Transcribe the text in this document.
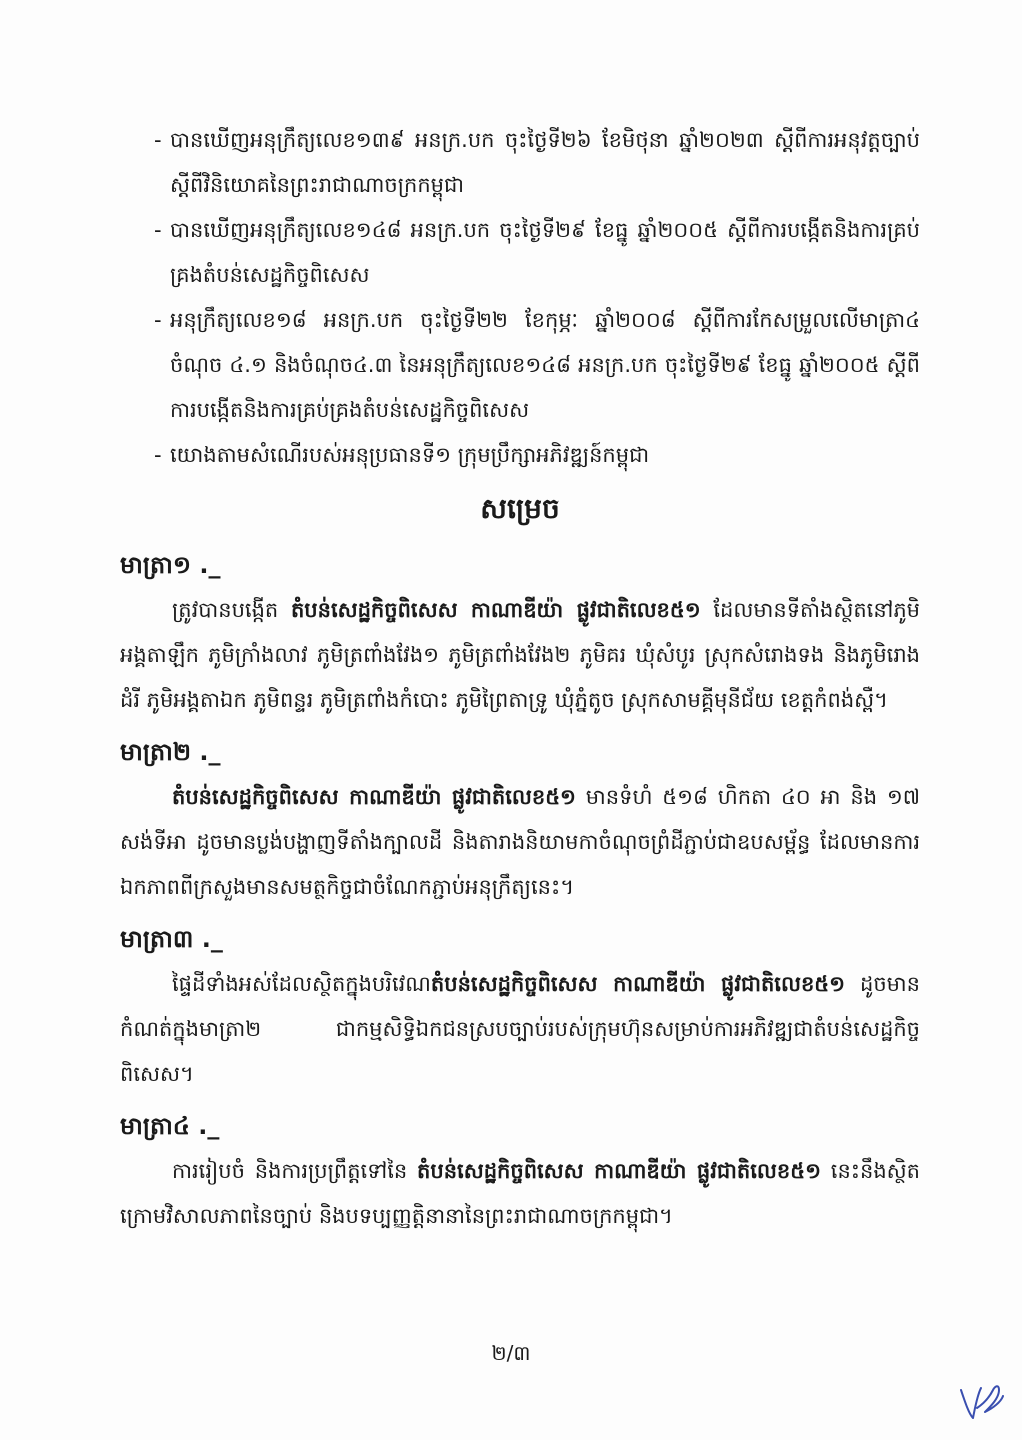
- បានឃើញអនុក្រឹត្យលេខ១៣៩ អនក្រ.បក ចុះថ្ងៃទី២៦ ខែមិថុនា ឆ្នាំ២០២៣ ស្ដីពីការអនុវត្តច្បាប់ស្ដីពីវិនិយោគនៃព្រះរាជាណាចក្រកម្ពុជា
- បានឃើញអនុក្រឹត្យលេខ១៤៨ អនក្រ.បក ចុះថ្ងៃទី២៩ ខែធ្នូ ឆ្នាំ២០០៥ ស្ដីពីការបង្កើតនិងការគ្រប់គ្រងតំបន់សេដ្ឋកិច្ចពិសេស
- អនុក្រឹត្យលេខ១៨ អនក្រ.បក ចុះថ្ងៃទី២២ ខែកុម្ភៈ ឆ្នាំ២០០៨ ស្ដីពីការកែសម្រួលលើមាត្រា៤ ចំណុច ៤.១ និងចំណុច៤.៣ នៃអនុក្រឹត្យលេខ១៤៨ អនក្រ.បក ចុះថ្ងៃទី២៩ ខែធ្នូ ឆ្នាំ២០០៥ ស្ដីពីការបង្កើតនិងការគ្រប់គ្រងតំបន់សេដ្ឋកិច្ចពិសេស
- យោងតាមសំណើរបស់អនុប្រធានទី១ ក្រុមប្រឹក្សាអភិវឌ្ឍន៍កម្ពុជា
សម្រេច
មាត្រា១ ._
ត្រូវបានបង្កើត តំបន់សេដ្ឋកិច្ចពិសេស កាណាឌីយ៉ា ផ្លូវជាតិលេខ៥១ ដែលមានទីតាំងស្ថិតនៅភូមិអង្គតាឡឹក ភូមិក្រាំងលាវ ភូមិត្រពាំងវែង១ ភូមិត្រពាំងវែង២ ភូមិគរ ឃុំសំបូរ ស្រុកសំរោងទង និងភូមិរោងដំរី ភូមិអង្គតាឯក ភូមិពន្ទរ ភូមិត្រពាំងកំបោះ ភូមិព្រៃតាទ្រូ ឃុំភ្នំតូច ស្រុកសាមគ្គីមុនីជ័យ ខេត្តកំពង់ស្ពឺ។
មាត្រា២ ._
តំបន់សេដ្ឋកិច្ចពិសេស កាណាឌីយ៉ា ផ្លូវជាតិលេខ៥១ មានទំហំ ៥១៨ ហិកតា ៤០ អា និង ១៧ សង់ទីអា ដូចមានប្លង់បង្ហាញទីតាំងក្បាលដី និងតារាងនិយាមកាចំណុចព្រំដីភ្ជាប់ជាឧបសម្ព័ន្ធ ដែលមានការឯកភាពពីក្រសួងមានសមត្ថកិច្ចជាចំណែកភ្ជាប់អនុក្រឹត្យនេះ។
មាត្រា៣ ._
ផ្ទៃដីទាំងអស់ដែលស្ថិតក្នុងបរិវេណតំបន់សេដ្ឋកិច្ចពិសេស កាណាឌីយ៉ា ផ្លូវជាតិលេខ៥១ ដូចមានកំណត់ក្នុងមាត្រា២ ជាកម្មសិទ្ធិឯកជនស្របច្បាប់របស់ក្រុមហ៊ុនសម្រាប់ការអភិវឌ្ឍជាតំបន់សេដ្ឋកិច្ចពិសេស។
មាត្រា៤ ._
ការរៀបចំ និងការប្រព្រឹត្តទៅនៃ តំបន់សេដ្ឋកិច្ចពិសេស កាណាឌីយ៉ា ផ្លូវជាតិលេខ៥១ នេះនឹងស្ថិតក្រោមវិសាលភាពនៃច្បាប់ និងបទប្បញ្ញត្តិនានានៃព្រះរាជាណាចក្រកម្ពុជា។
២/៣
